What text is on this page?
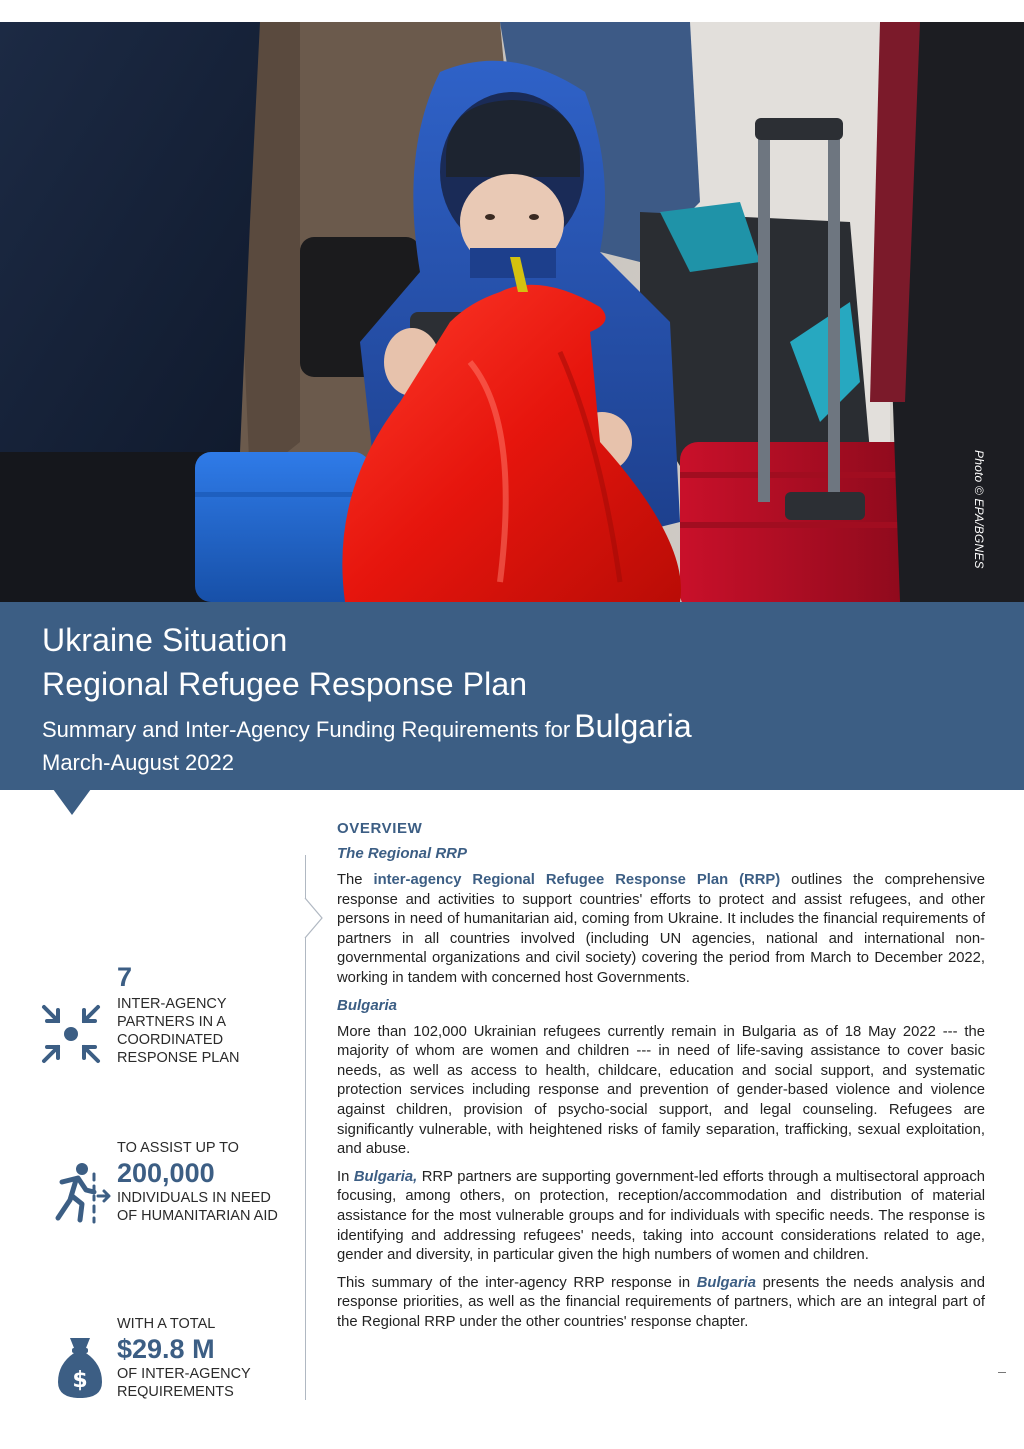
Photo © EPA/BGNES
Ukraine Situation
Regional Refugee Response Plan
Summary and Inter-Agency Funding Requirements for Bulgaria
March-August 2022
7
INTER-AGENCY
PARTNERS IN A
COORDINATED
RESPONSE PLAN
TO ASSIST UP TO
200,000
INDIVIDUALS IN NEED
OF HUMANITARIAN AID
$
WITH A TOTAL
$29.8 M
OF INTER-AGENCY
REQUIREMENTS
OVERVIEW
The Regional RRP

The inter-agency Regional Refugee Response Plan (RRP) outlines the comprehensive response and activities to support countries' efforts to protect and assist refugees, and other persons in need of humanitarian aid, coming from Ukraine. It includes the financial requirements of partners in all countries involved (including UN agencies, national and international non-governmental organizations and civil society) covering the period from March to December 2022, working in tandem with concerned host Governments.

Bulgaria

More than 102,000 Ukrainian refugees currently remain in Bulgaria as of 18 May 2022 --- the majority of whom are women and children --- in need of life-saving assistance to cover basic needs, as well as access to health, childcare, education and social support, and systematic protection services including response and prevention of gender-based violence and violence against children, provision of psycho-social support, and legal counseling. Refugees are significantly vulnerable, with heightened risks of family separation, trafficking, sexual exploitation, and abuse.

In Bulgaria, RRP partners are supporting government-led efforts through a multisectoral approach focusing, among others, on protection, reception/accommodation and distribution of material assistance for the most vulnerable groups and for individuals with specific needs. The response is identifying and addressing refugees' needs, taking into account considerations related to age, gender and diversity, in particular given the high numbers of women and children.

This summary of the inter-agency RRP response in Bulgaria presents the needs analysis and response priorities, as well as the financial requirements of partners, which are an integral part of the Regional RRP under the other countries' response chapter.
